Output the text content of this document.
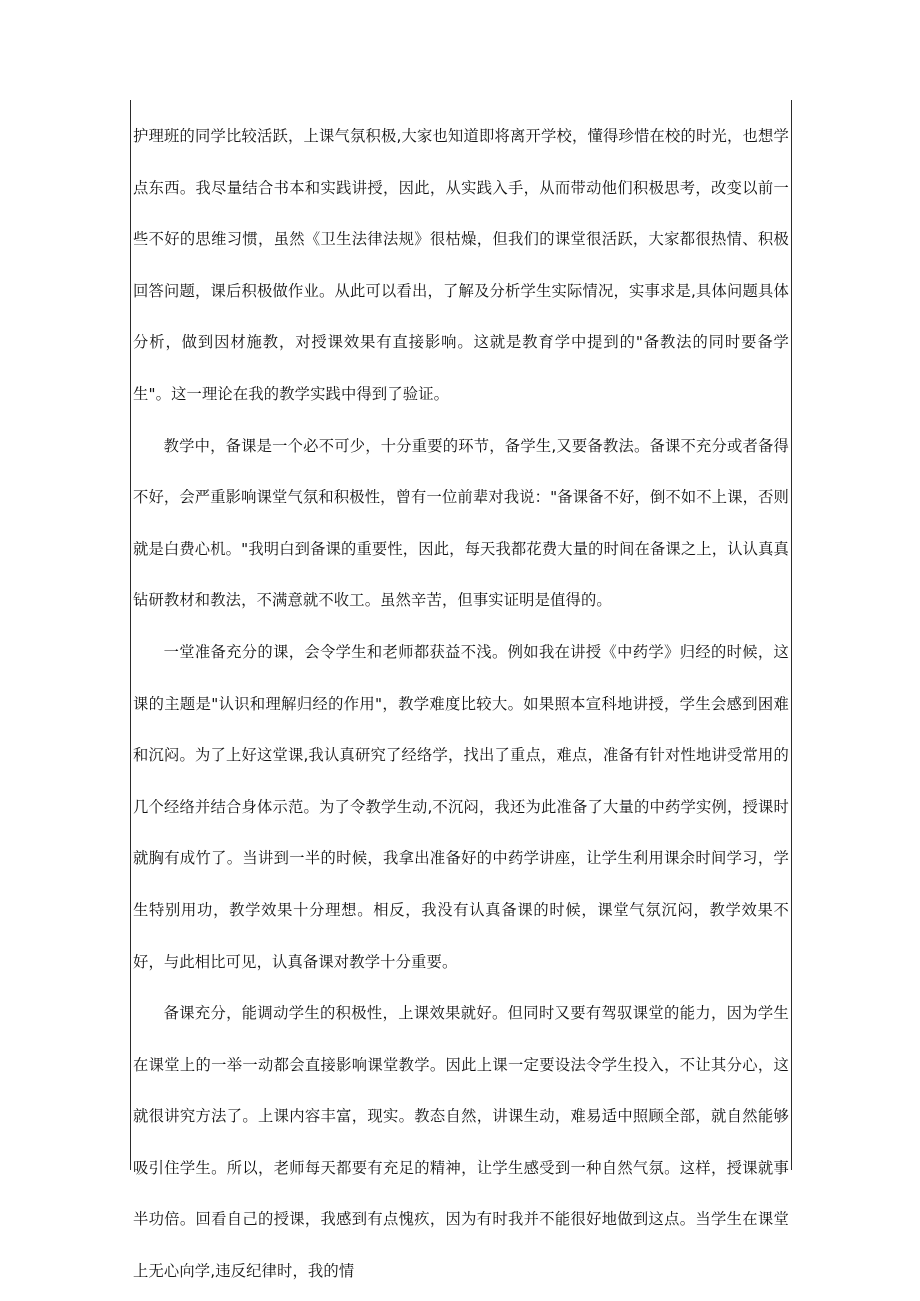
护理班的同学比较活跃，上课气氛积极,大家也知道即将离开学校，懂得珍惜在校的时光，也想学点东西。我尽量结合书本和实践讲授，因此，从实践入手，从而带动他们积极思考，改变以前一些不好的思维习惯，虽然《卫生法律法规》很枯燥，但我们的课堂很活跃，大家都很热情、积极回答问题，课后积极做作业。从此可以看出，了解及分析学生实际情况，实事求是,具体问题具体分析，做到因材施教，对授课效果有直接影响。这就是教育学中提到的"备教法的同时要备学生"。这一理论在我的教学实践中得到了验证。

教学中，备课是一个必不可少，十分重要的环节，备学生,又要备教法。备课不充分或者备得不好，会严重影响课堂气氛和积极性，曾有一位前辈对我说："备课备不好，倒不如不上课，否则就是白费心机。"我明白到备课的重要性，因此，每天我都花费大量的时间在备课之上，认认真真钻研教材和教法，不满意就不收工。虽然辛苦，但事实证明是值得的。

一堂准备充分的课，会令学生和老师都获益不浅。例如我在讲授《中药学》归经的时候，这课的主题是"认识和理解归经的作用"，教学难度比较大。如果照本宣科地讲授，学生会感到困难和沉闷。为了上好这堂课,我认真研究了经络学，找出了重点，难点，准备有针对性地讲受常用的几个经络并结合身体示范。为了令教学生动,不沉闷，我还为此准备了大量的中药学实例，授课时就胸有成竹了。当讲到一半的时候，我拿出准备好的中药学讲座，让学生利用课余时间学习，学生特别用功，教学效果十分理想。相反，我没有认真备课的时候，课堂气氛沉闷，教学效果不好，与此相比可见，认真备课对教学十分重要。

备课充分，能调动学生的积极性，上课效果就好。但同时又要有驾驭课堂的能力，因为学生在课堂上的一举一动都会直接影响课堂教学。因此上课一定要设法令学生投入，不让其分心，这就很讲究方法了。上课内容丰富，现实。教态自然，讲课生动，难易适中照顾全部，就自然能够吸引住学生。所以，老师每天都要有充足的精神，让学生感受到一种自然气氛。这样，授课就事半功倍。回看自己的授课，我感到有点愧疚，因为有时我并不能很好地做到这点。当学生在课堂上无心向学,违反纪律时，我的情
